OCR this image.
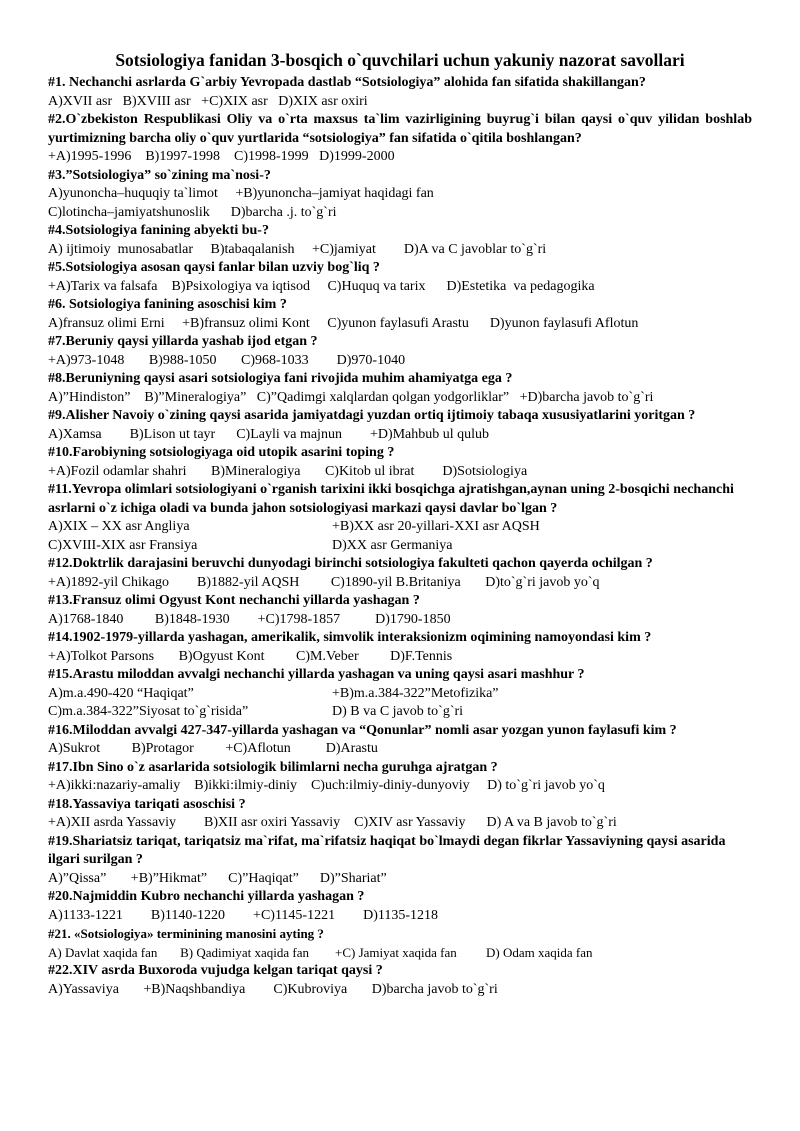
Sotsiologiya fanidan 3-bosqich o`quvchilari uchun yakuniy nazorat savollari

#1. Nechanchi asrlarda G`arbiy Yevropada dastlab “Sotsiologiya” alohida fan sifatida shakillangan?

A)XVII asr   B)XVIII asr   +C)XIX asr   D)XIX asr oxiri

#2.O`zbekiston Respublikasi Oliy va o`rta maxsus ta`lim vazirligining buyrug`i bilan qaysi o`quv yilidan boshlab yurtimizning barcha oliy o`quv yurtlarida “sotsiologiya” fan sifatida o`qitila boshlangan?

+A)1995-1996    B)1997-1998    C)1998-1999   D)1999-2000

#3.”Sotsiologiya” so`zining ma`nosi-?

A)yunoncha–huquqiy ta`limot     +B)yunoncha–jamiyat haqidagi fan

C)lotincha–jamiyatshunoslik      D)barcha .j. to`g`ri

#4.Sotsiologiya fanining abyekti bu-?

A) ijtimoiy  munosabatlar     B)tabaqalanish     +C)jamiyat        D)A va C javoblar to`g`ri

#5.Sotsiologiya asosan qaysi fanlar bilan uzviy bog`liq ?

+A)Tarix va falsafa    B)Psixologiya va iqtisod     C)Huquq va tarix      D)Estetika  va pedagogika

#6. Sotsiologiya fanining asoschisi kim ?

A)fransuz olimi Erni     +B)fransuz olimi Kont     C)yunon faylasufi Arastu      D)yunon faylasufi Aflotun

#7.Beruniy qaysi yillarda yashab ijod etgan ?

+A)973-1048       B)988-1050       C)968-1033        D)970-1040

#8.Beruniyning qaysi asari sotsiologiya fani rivojida muhim ahamiyatga ega ?

A)”Hindiston”    B)”Mineralogiya”   C)”Qadimgi xalqlardan qolgan yodgorliklar”   +D)barcha javob to`g`ri

#9.Alisher Navoiy o`zining qaysi asarida jamiyatdagi yuzdan ortiq ijtimoiy tabaqa xususiyatlarini yoritgan ?

A)Xamsa        B)Lison ut tayr      C)Layli va majnun        +D)Mahbub ul qulub

#10.Farobiyning sotsiologiyaga oid utopik asarini toping ?

+A)Fozil odamlar shahri       B)Mineralogiya       C)Kitob ul ibrat        D)Sotsiologiya

#11.Yevropa olimlari sotsiologiyani o`rganish tarixini ikki bosqichga ajratishgan,aynan uning 2-bosqichi nechanchi asrlarni o`z ichiga oladi va bunda jahon sotsiologiyasi markazi qaysi davlar bo`lgan ?

A)XIX – XX asr Angliya	+B)XX asr 20-yillari-XXI asr AQSH
C)XVIII-XIX asr Fransiya	D)XX asr Germaniya

#12.Doktrlik darajasini beruvchi dunyodagi birinchi sotsiologiya fakulteti qachon qayerda ochilgan ?

+A)1892-yil Chikago        B)1882-yil AQSH         C)1890-yil B.Britaniya       D)to`g`ri javob yo`q

#13.Fransuz olimi Ogyust Kont nechanchi yillarda yashagan ?

A)1768-1840         B)1848-1930        +C)1798-1857          D)1790-1850

#14.1902-1979-yillarda yashagan, amerikalik, simvolik interaksionizm oqimining namoyondasi kim ?

+A)Tolkot Parsons       B)Ogyust Kont         C)M.Veber         D)F.Tennis

#15.Arastu miloddan avvalgi nechanchi yillarda yashagan va uning qaysi asari mashhur ?

A)m.a.490-420 “Haqiqat”	+B)m.a.384-322”Metofizika”
C)m.a.384-322”Siyosat to`g`risida”	D) B va C javob to`g`ri

#16.Miloddan avvalgi 427-347-yillarda yashagan va “Qonunlar” nomli asar yozgan yunon faylasufi kim ?

A)Sukrot         B)Protagor         +C)Aflotun          D)Arastu

#17.Ibn Sino o`z asarlarida sotsiologik bilimlarni necha guruhga ajratgan ?

+A)ikki:nazariy-amaliy    B)ikki:ilmiy-diniy    C)uch:ilmiy-diniy-dunyoviy     D) to`g`ri javob yo`q

#18.Yassaviya tariqati asoschisi ?

+A)XII asrda Yassaviy        B)XII asr oxiri Yassaviy    C)XIV asr Yassaviy      D) A va B javob to`g`ri

#19.Shariatsiz tariqat, tariqatsiz ma`rifat, ma`rifatsiz haqiqat bo`lmaydi degan fikrlar Yassaviyning qaysi asarida ilgari surilgan ?

A)”Qissa”       +B)”Hikmat”      C)”Haqiqat”      D)”Shariat”

#20.Najmiddin Kubro nechanchi yillarda yashagan ?

A)1133-1221        B)1140-1220        +C)1145-1221        D)1135-1218

#21. «Sotsiologiya» terminining manosini ayting ?

A) Davlat xaqida fan       B) Qadimiyat xaqida fan        +C) Jamiyat xaqida fan         D) Odam xaqida fan

#22.XIV asrda Buxoroda vujudga kelgan tariqat qaysi ?

A)Yassaviya       +B)Naqshbandiya        C)Kubroviya       D)barcha javob to`g`ri
